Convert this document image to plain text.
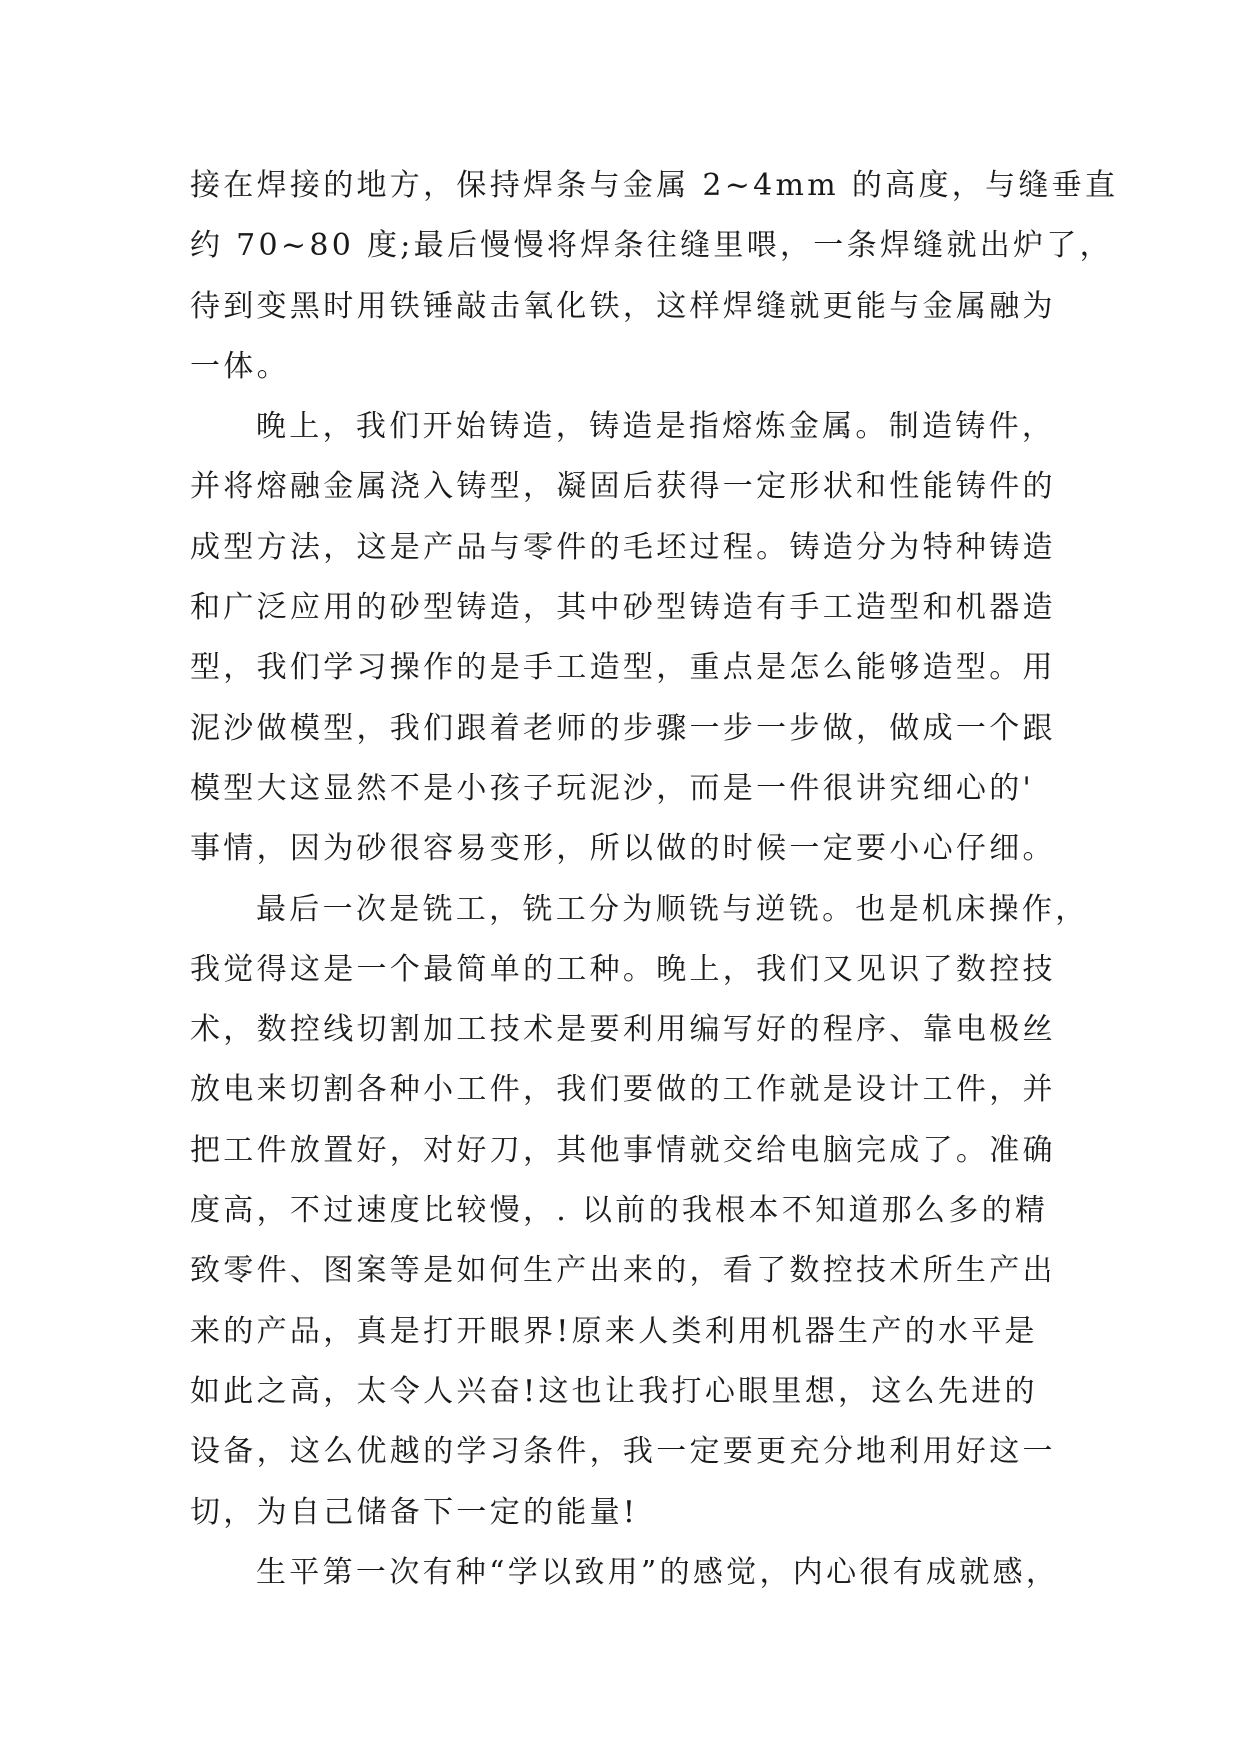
接在焊接的地方，保持焊条与金属 2~4mm 的高度，与缝垂直
约 70~80 度;最后慢慢将焊条往缝里喂，一条焊缝就出炉了，
待到变黑时用铁锤敲击氧化铁，这样焊缝就更能与金属融为
一体。
晚上，我们开始铸造，铸造是指熔炼金属。制造铸件，
并将熔融金属浇入铸型，凝固后获得一定形状和性能铸件的
成型方法，这是产品与零件的毛坯过程。铸造分为特种铸造
和广泛应用的砂型铸造，其中砂型铸造有手工造型和机器造
型，我们学习操作的是手工造型，重点是怎么能够造型。用
泥沙做模型，我们跟着老师的步骤一步一步做，做成一个跟
模型大这显然不是小孩子玩泥沙，而是一件很讲究细心的'
事情，因为砂很容易变形，所以做的时候一定要小心仔细。
最后一次是铣工，铣工分为顺铣与逆铣。也是机床操作，
我觉得这是一个最简单的工种。晚上，我们又见识了数控技
术，数控线切割加工技术是要利用编写好的程序、靠电极丝
放电来切割各种小工件，我们要做的工作就是设计工件，并
把工件放置好，对好刀，其他事情就交给电脑完成了。准确
度高，不过速度比较慢，. 以前的我根本不知道那么多的精
致零件、图案等是如何生产出来的，看了数控技术所生产出
来的产品，真是打开眼界!原来人类利用机器生产的水平是
如此之高，太令人兴奋!这也让我打心眼里想，这么先进的
设备，这么优越的学习条件，我一定要更充分地利用好这一
切，为自己储备下一定的能量!
生平第一次有种“学以致用”的感觉，内心很有成就感，
